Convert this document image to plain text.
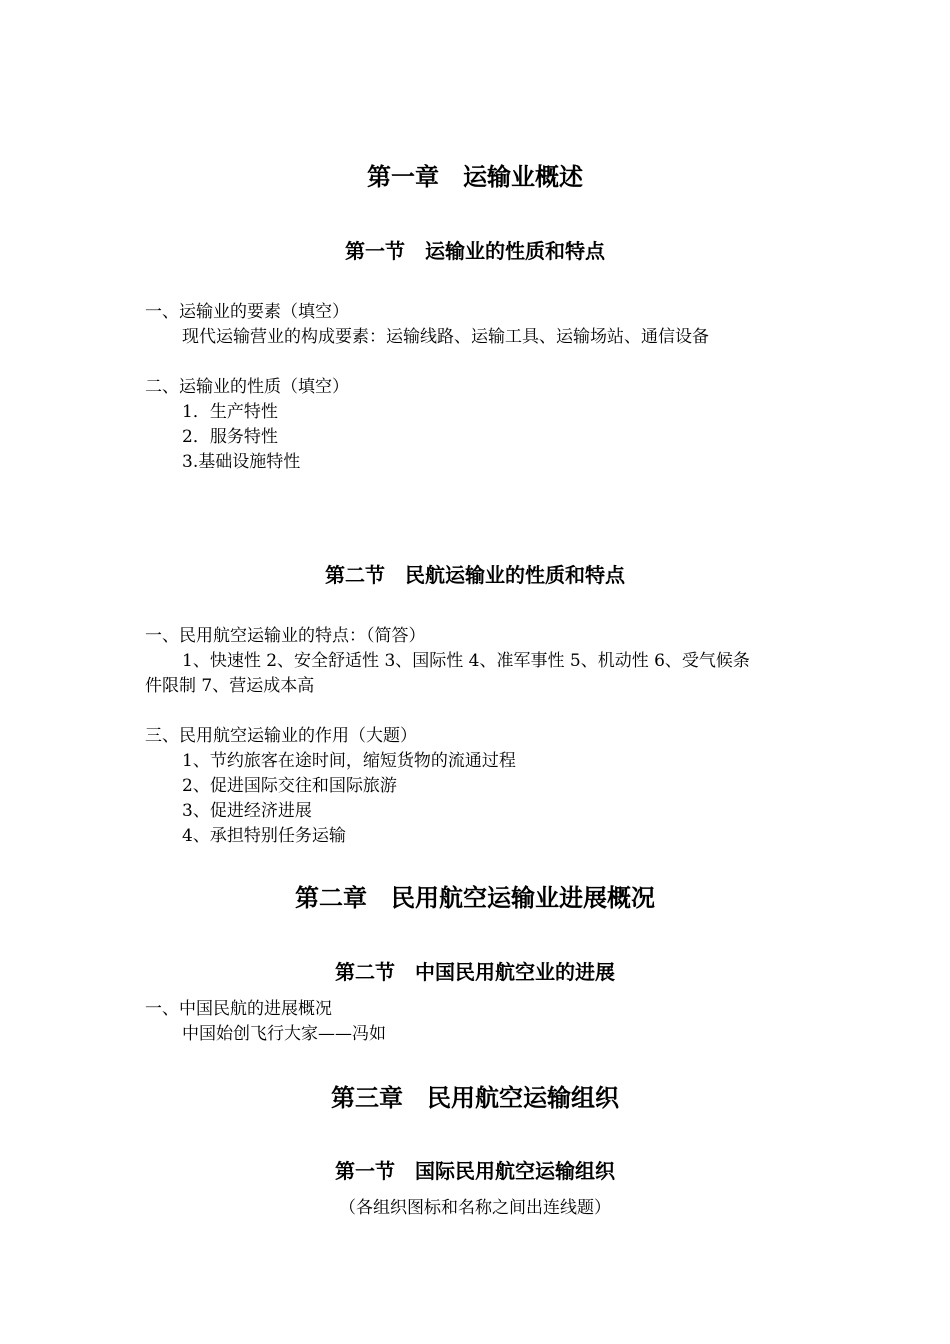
第一章　运输业概述
第一节　运输业的性质和特点
一、运输业的要素（填空）
现代运输营业的构成要素：运输线路、运输工具、运输场站、通信设备
二、运输业的性质（填空）
1．生产特性
2．服务特性
3.基础设施特性
第二节　民航运输业的性质和特点
一、民用航空运输业的特点：（简答）
1、快速性 2、安全舒适性 3、国际性 4、准军事性 5、机动性 6、受气候条
件限制 7、营运成本高
三、民用航空运输业的作用（大题）
1、节约旅客在途时间，缩短货物的流通过程
2、促进国际交往和国际旅游
3、促进经济进展
4、承担特别任务运输
第二章　民用航空运输业进展概况
第二节　中国民用航空业的进展
一、中国民航的进展概况
中国始创飞行大家——冯如
第三章　民用航空运输组织
第一节　国际民用航空运输组织
（各组织图标和名称之间出连线题）
